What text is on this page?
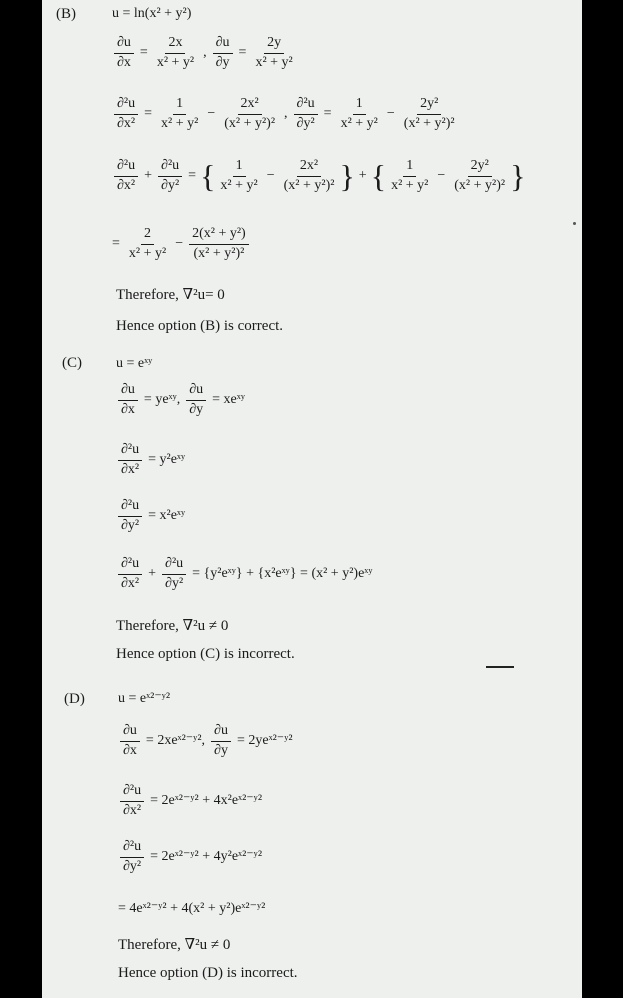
(B)	u = ln(x² + y²)
$\frac{\partial u}{\partial x} = \frac{2x}{\text{x² + y²}}$ , $\frac{\partial u}{\partial y} = \frac{2y}{\text{x² + y²}}$
$\frac{\text{∂²u}}{\text{∂x²}} = \frac{1}{\text{x² + y²}} - \frac{\text{2x²}}{\text{(x² + y²)²}}$ , $\frac{\text{∂²u}}{\text{∂y²}} = \frac{1}{\text{x² + y²}} - \frac{\text{2y²}}{\text{(x² + y²)²}}$
$\frac{\text{∂²u}}{\text{∂x²}} + \frac{\text{∂²u}}{\text{∂y²}}$ = { $\frac{1}{\text{x² + y²}} - \frac{\text{2x²}}{\text{(x² + y²)²}}$ } + { $\frac{1}{\text{x² + y²}} - \frac{\text{2y²}}{\text{(x² + y²)²}}$ }
= $\frac{2}{\text{x² + y²}} - \frac{\text{2(x² + y²)}}{\text{(x² + y²)²}}$
Therefore, ∇²u= 0
Hence option (B) is correct.
(C) u = eˣʸ
$\frac{\partial u}{\partial x}$ = yeˣʸ, $\frac{\partial u}{\partial y}$ = xeˣʸ
$\frac{\text{∂²u}}{\text{∂x²}}$ = y²eˣʸ
$\frac{\text{∂²u}}{\text{∂y²}}$ = x²eˣʸ
$\frac{\text{∂²u}}{\text{∂x²}} + \frac{\text{∂²u}}{\text{∂y²}}$ = {y²eˣʸ} + {x²eˣʸ} = (x² + y²)eˣʸ
Therefore, ∇²u ≠ 0
Hence option (C) is incorrect.
(D) u = eˣ²⁻ʸ²
$\frac{\partial u}{\partial x}$ = 2xeˣ²⁻ʸ², $\frac{\partial u}{\partial y}$ = 2yeˣ²⁻ʸ²
$\frac{\text{∂²u}}{\text{∂x²}}$ = 2eˣ²⁻ʸ² + 4x²eˣ²⁻ʸ²
$\frac{\text{∂²u}}{\text{∂y²}}$ = 2eˣ²⁻ʸ² + 4y²eˣ²⁻ʸ²
= 4eˣ²⁻ʸ² + 4(x² + y²)eˣ²⁻ʸ²
Therefore, ∇²u ≠ 0
Hence option (D) is incorrect.
